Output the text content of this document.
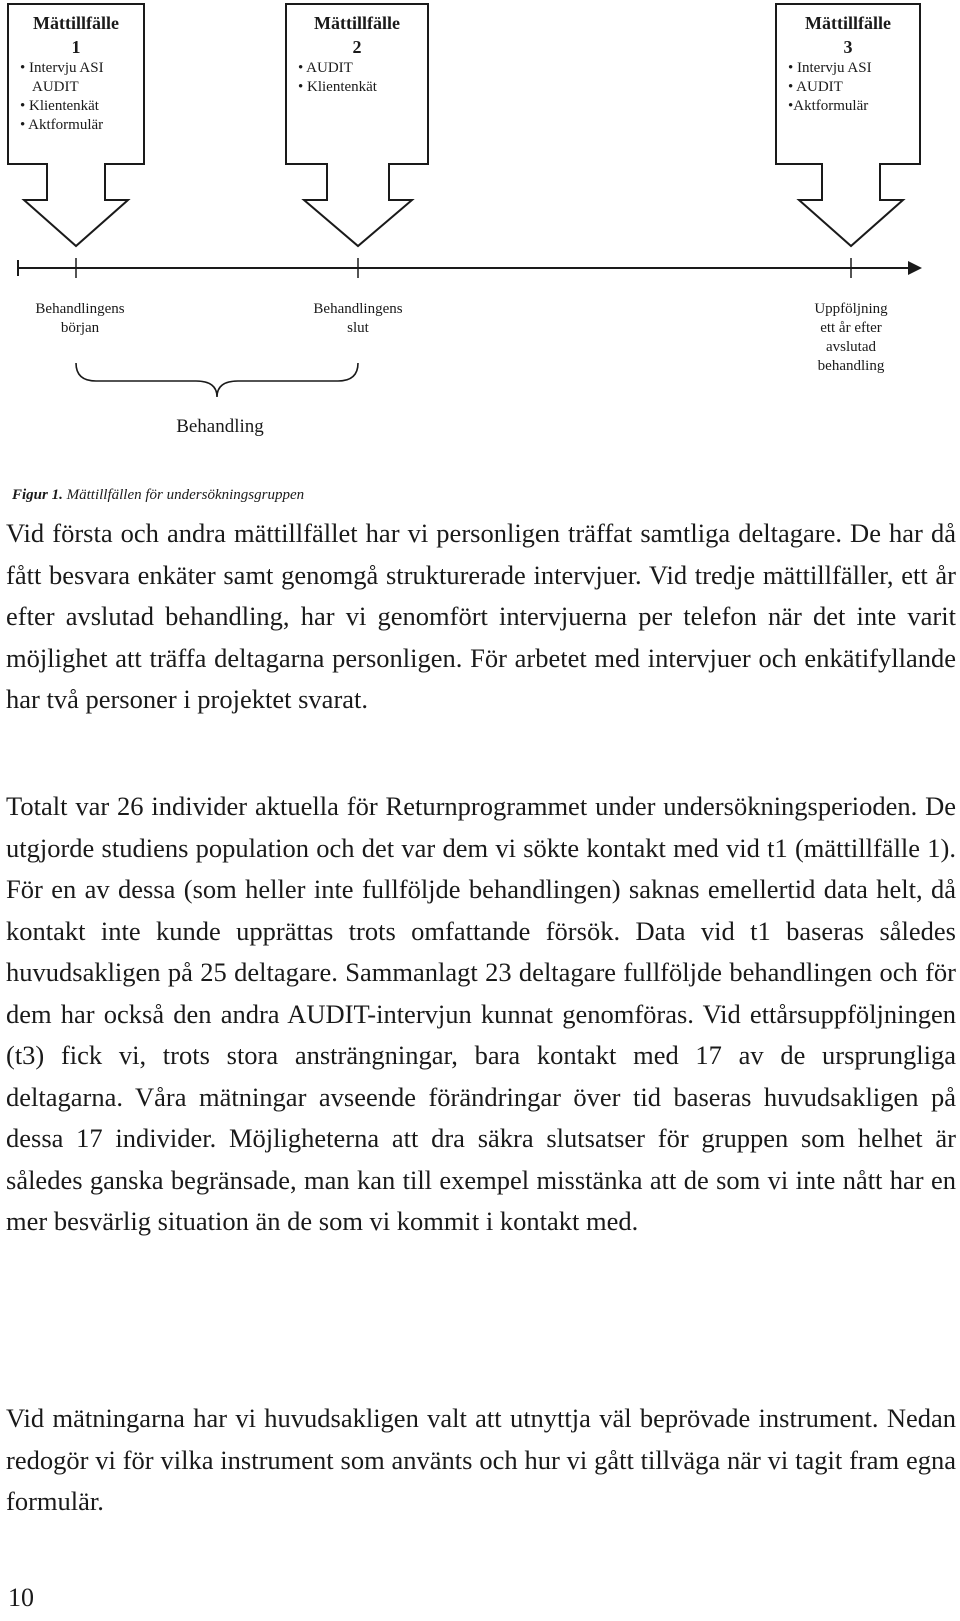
Mättillfälle
1
• Intervju ASI
AUDIT
• Klientenkät
• Aktformulär
Mättillfälle
2
• AUDIT
• Klientenkät
Mättillfälle
3
• Intervju ASI
• AUDIT
•Aktformulär
Behandlingens
början
Behandlingens
slut
Uppföljning
ett år efter
avslutad
behandling
Behandling
Figur 1. Mättillfällen för undersökningsgruppen

Vid första och andra mättillfället har vi personligen träffat samtliga deltagare. De har då fått besvara enkäter samt genomgå strukturerade intervjuer. Vid tredje mättillfäller, ett år efter avslutad behandling, har vi genomfört intervjuerna per telefon när det inte varit möjlighet att träffa deltagarna personligen. För arbetet med intervjuer och enkätifyllande har två personer i projektet svarat.

Totalt var 26 individer aktuella för Returnprogrammet under undersökningsperioden. De utgjorde studiens population och det var dem vi sökte kontakt med vid t1 (mättillfälle 1). För en av dessa (som heller inte fullföljde behandlingen) saknas emellertid data helt, då kontakt inte kunde upprättas trots omfattande försök. Data vid t1 baseras således huvudsakligen på 25 deltagare. Sammanlagt 23 deltagare fullföljde behandlingen och för dem har också den andra AUDIT-intervjun kunnat genomföras. Vid ettårsuppföljningen (t3) fick vi, trots stora ansträngningar, bara kontakt med 17 av de ursprungliga deltagarna. Våra mätningar avseende förändringar över tid baseras huvudsakligen på dessa 17 individer. Möjligheterna att dra säkra slutsatser för gruppen som helhet är således ganska begränsade, man kan till exempel misstänka att de som vi inte nått har en mer besvärlig situation än de som vi kommit i kontakt med.

Vid mätningarna har vi huvudsakligen valt att utnyttja väl beprövade instrument. Nedan redogör vi för vilka instrument som använts och hur vi gått tillväga när vi tagit fram egna formulär.

10
